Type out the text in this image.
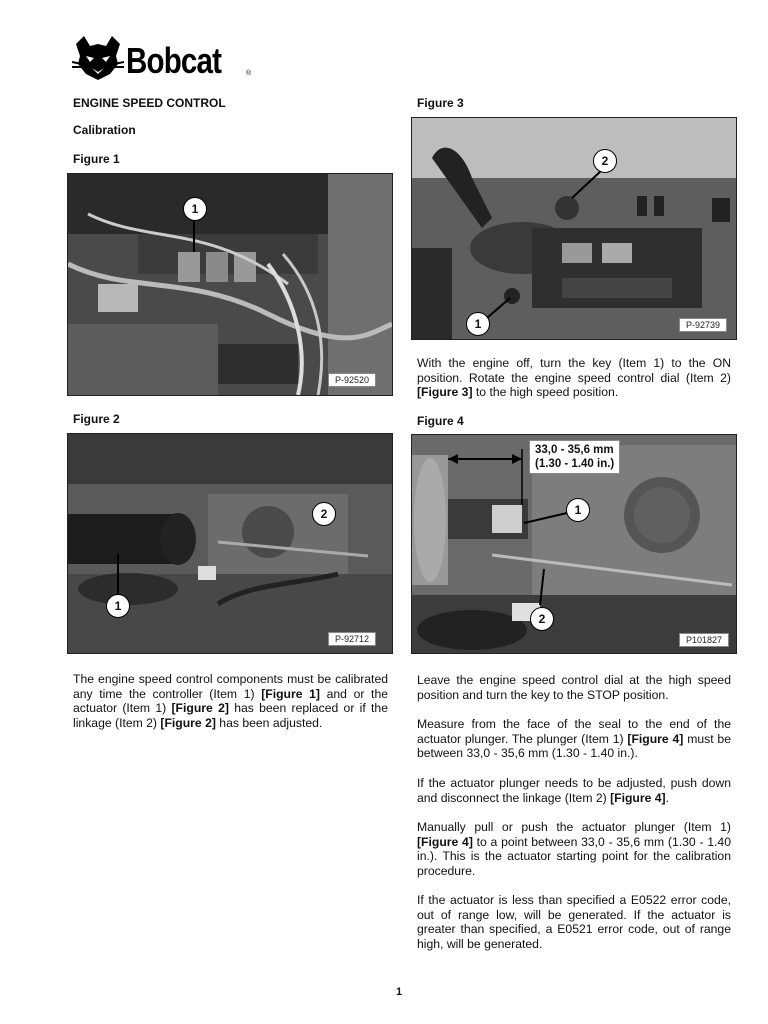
Bobcat	®
ENGINE SPEED CONTROL
Calibration
Figure 1
1
P-92520
Figure 2
2
1
P-92712
The engine speed control components must be calibrated any time the controller (Item 1) [Figure 1] and or the actuator (Item 1) [Figure 2] has been replaced or if the linkage (Item 2) [Figure 2] has been adjusted.
Figure 3
2
1	P-92739
With the engine off, turn the key (Item 1) to the ON position. Rotate the engine speed control dial (Item 2) [Figure 3] to the high speed position.
Figure 4
33,0 - 35,6 mm
(1.30 - 1.40 in.)
1
2
P101827
Leave the engine speed control dial at the high speed position and turn the key to the STOP position.
Measure from the face of the seal to the end of the actuator plunger. The plunger (Item 1) [Figure 4] must be between 33,0 - 35,6 mm (1.30 - 1.40 in.).
If the actuator plunger needs to be adjusted, push down and disconnect the linkage (Item 2) [Figure 4].
Manually pull or push the actuator plunger (Item 1) [Figure 4] to a point between 33,0 - 35,6 mm (1.30 - 1.40 in.). This is the actuator starting point for the calibration procedure.
If the actuator is less than specified a E0522 error code, out of range low, will be generated. If the actuator is greater than specified, a E0521 error code, out of range high, will be generated.
1
